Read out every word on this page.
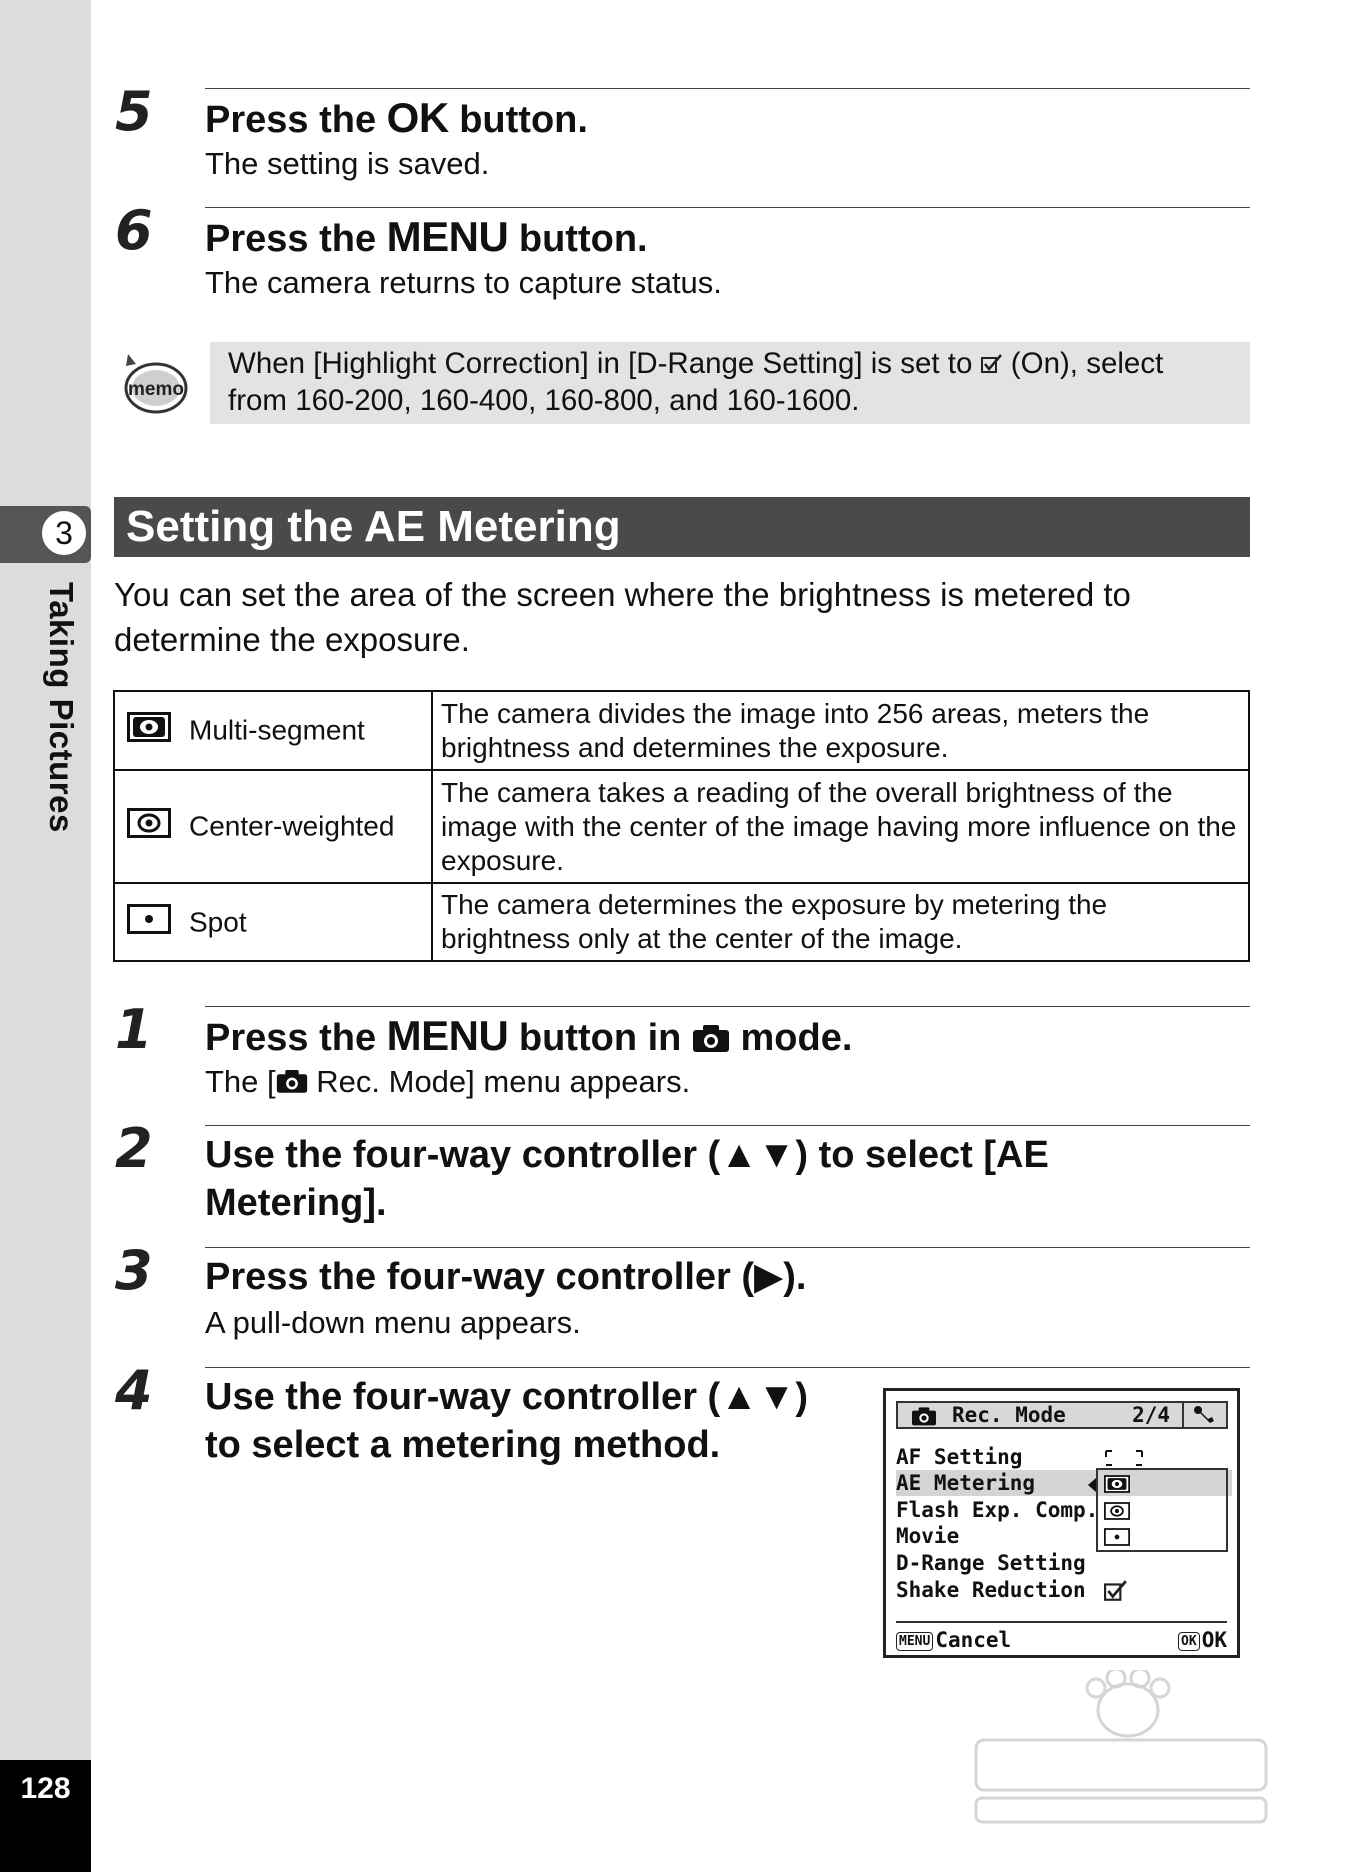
3
Taking Pictures
128
5 Press the OK button.
The setting is saved.
6 Press the MENU button.
The camera returns to capture status.
memo
When [Highlight Correction] in [D-Range Setting] is set to  (On), select
from 160-200, 160-400, 160-800, and 160-1600.
Setting the AE Metering
You can set the area of the screen where the brightness is metered to determine the exposure.
Multi-segment	The camera divides the image into 256 areas, meters the brightness and determines the exposure.
Center-weighted	The camera takes a reading of the overall brightness of the image with the center of the image having more influence on the exposure.
Spot	The camera determines the exposure by metering the brightness only at the center of the image.
1 Press the MENU button in  mode.
The [ Rec. Mode] menu appears.
2 Use the four-way controller (▲▼) to select [AE
Metering].
3 Press the four-way controller (▶).
A pull-down menu appears.
4 Use the four-way controller (▲▼)
to select a metering method.
Rec. Mode	2/4
AF Setting
AE Metering
Flash Exp. Comp.
Movie
D-Range Setting
Shake Reduction
MENU Cancel	OK OK
